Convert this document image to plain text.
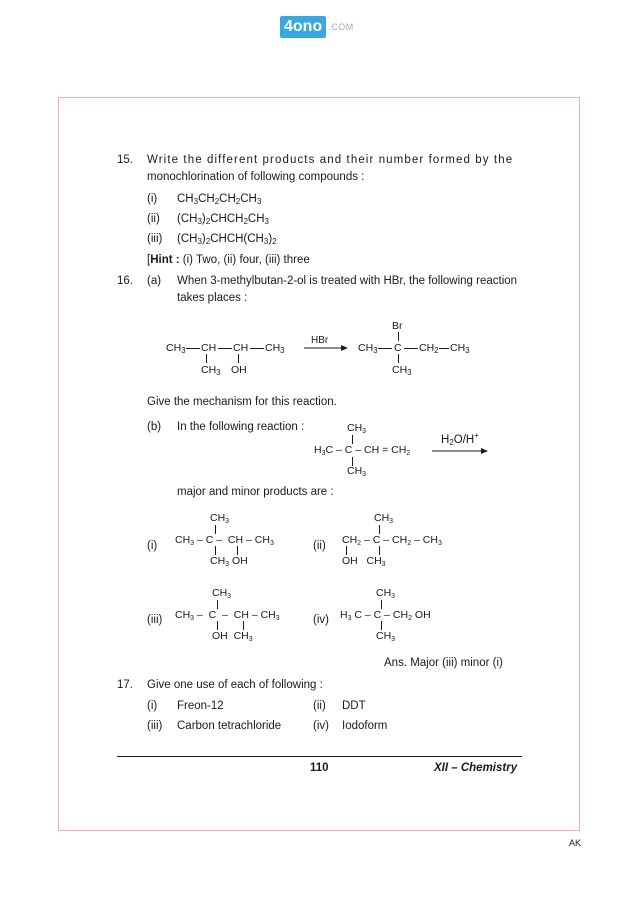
4ono .COM
15. Write the different products and their number formed by the
monochlorination of following compounds :
(i) $CH_3CH_2CH_2CH_3$
(ii) $(CH_3)_2CHCH_2CH_3$
(iii) $(CH_3)_2CHCH(CH_3)_2$
[Hint : (i) Two, (ii) four, (iii) three
16. (a) When 3-methylbutan-2-ol is treated with HBr, the following reaction
takes places :
$CH_3$ CH CH $CH_3$
$CH_3$ OH
HBr
Br
$CH_3$ C $CH_2$ $CH_3$
$CH_3$
Give the mechanism for this reaction.
(b) In the following reaction :	CH3
H3C – C – CH = CH2
CH3
$H_2O/H^+$
major and minor products are :
(i)
CH3
CH3 – C –  CH – CH3
CH3 OH
(ii)
CH3
CH2 – C – CH2 – CH3
OH   CH3
(iii)
CH3
CH3 –  C  –  CH – CH3
OH  CH3
(iv)
CH3
H3 C – C – CH2 OH
CH3
Ans. Major (iii) minor (i)
17. Give one use of each of following :
(i) Freon-12	(ii) DDT
(iii) Carbon tetrachloride	(iv) Iodoform
110	XII – Chemistry
AK
